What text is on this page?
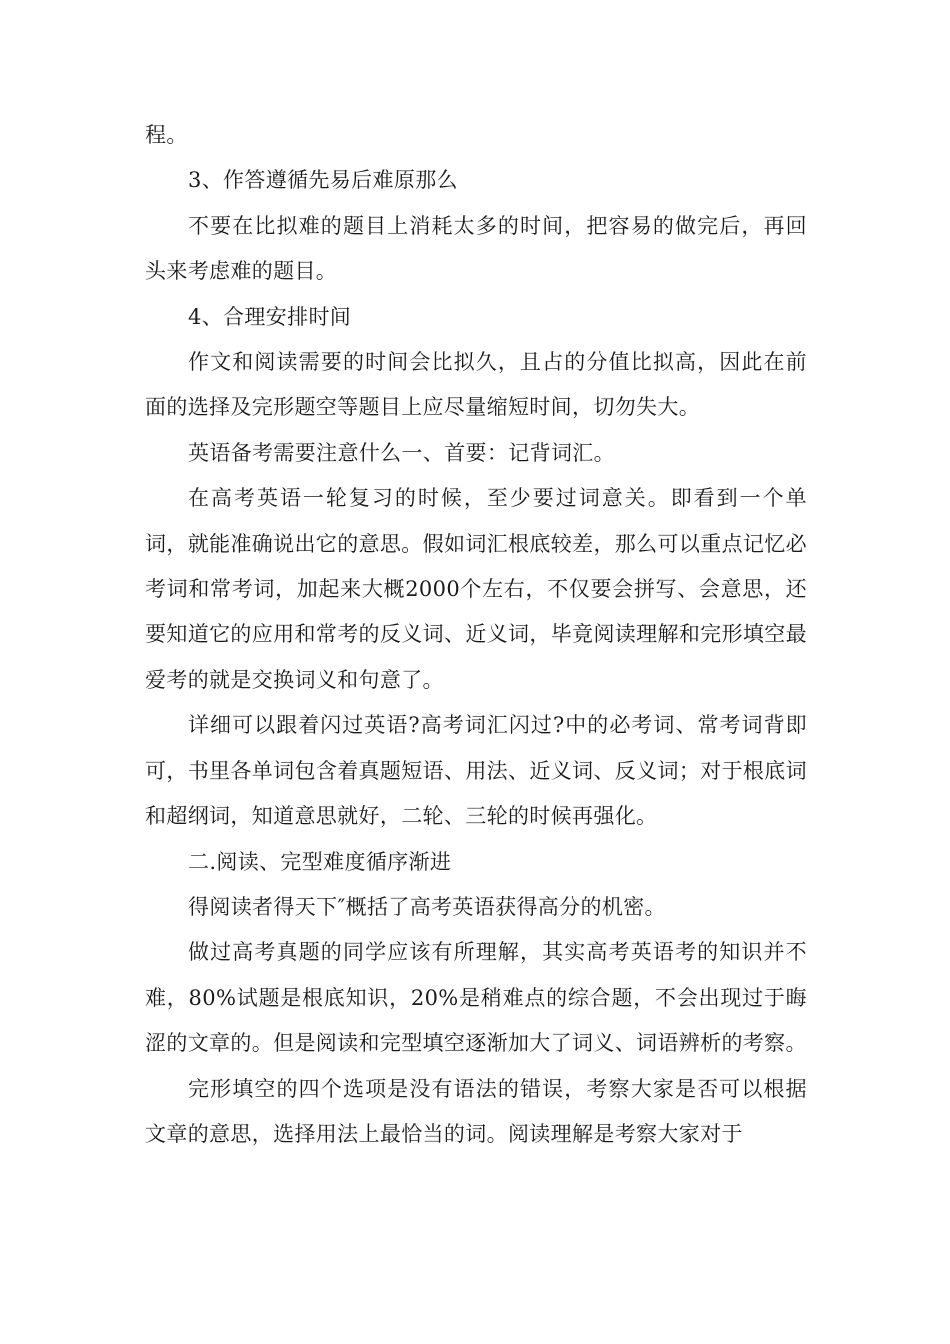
程。

3、作答遵循先易后难原那么

不要在比拟难的题目上消耗太多的时间，把容易的做完后，再回头来考虑难的题目。

4、合理安排时间

作文和阅读需要的时间会比拟久，且占的分值比拟高，因此在前面的选择及完形题空等题目上应尽量缩短时间，切勿失大。

英语备考需要注意什么一、首要：记背词汇。

在高考英语一轮复习的时候，至少要过词意关。即看到一个单词，就能准确说出它的意思。假如词汇根底较差，那么可以重点记忆必考词和常考词，加起来大概2000个左右，不仅要会拼写、会意思，还要知道它的应用和常考的反义词、近义词，毕竟阅读理解和完形填空最爱考的就是交换词义和句意了。

详细可以跟着闪过英语?高考词汇闪过?中的必考词、常考词背即可，书里各单词包含着真题短语、用法、近义词、反义词；对于根底词和超纲词，知道意思就好，二轮、三轮的时候再强化。

二.阅读、完型难度循序渐进

得阅读者得天下″概括了高考英语获得高分的机密。

做过高考真题的同学应该有所理解，其实高考英语考的知识并不难，80%试题是根底知识，20%是稍难点的综合题，不会出现过于晦涩的文章的。但是阅读和完型填空逐渐加大了词义、词语辨析的考察。

完形填空的四个选项是没有语法的错误，考察大家是否可以根据文章的意思，选择用法上最恰当的词。阅读理解是考察大家对于
